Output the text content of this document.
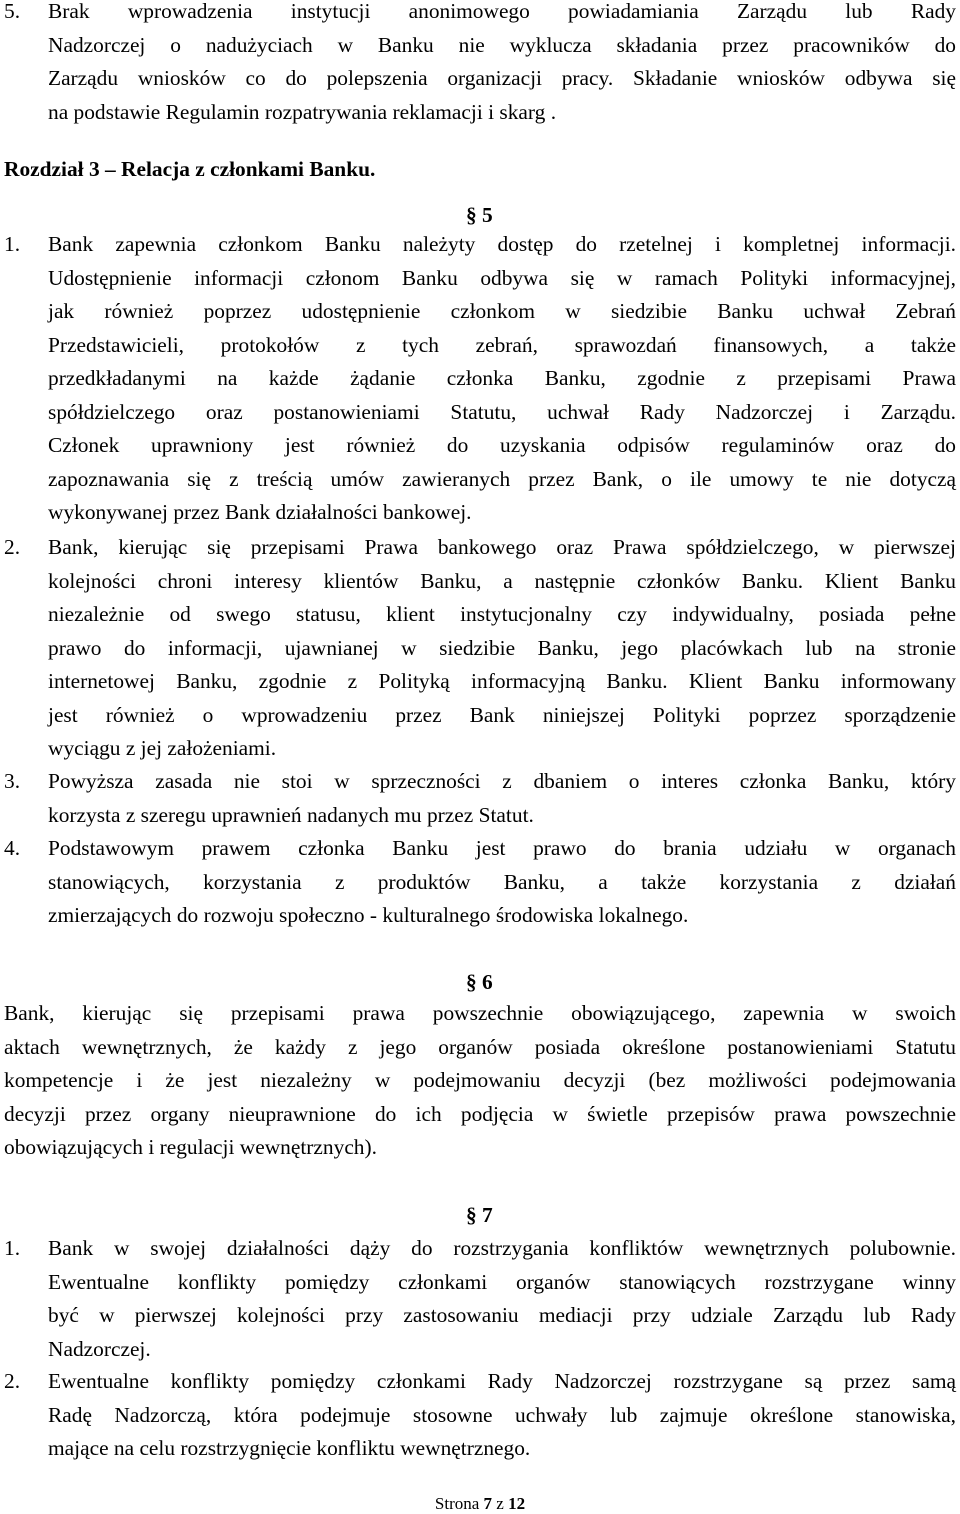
5.	Brak wprowadzenia instytucji anonimowego powiadamiania Zarządu lub Rady
Nadzorczej o nadużyciach w Banku nie wyklucza składania przez pracowników do
Zarządu wniosków co do polepszenia organizacji pracy. Składanie wniosków odbywa się
na podstawie Regulamin rozpatrywania reklamacji i skarg .
Rozdział 3 – Relacja z członkami Banku.
§ 5
1.	Bank zapewnia członkom Banku należyty dostęp do rzetelnej i kompletnej informacji.
Udostępnienie informacji członom Banku odbywa się w ramach Polityki informacyjnej,
jak również poprzez udostępnienie członkom w siedzibie Banku uchwał Zebrań
Przedstawicieli, protokołów z tych zebrań, sprawozdań finansowych, a także
przedkładanymi na każde żądanie członka Banku, zgodnie z przepisami Prawa
spółdzielczego oraz postanowieniami Statutu, uchwał Rady Nadzorczej i Zarządu.
Członek uprawniony jest również do uzyskania odpisów regulaminów oraz do
zapoznawania się z treścią umów zawieranych przez Bank, o ile umowy te nie dotyczą
wykonywanej przez Bank działalności bankowej.
2.	Bank, kierując się przepisami Prawa bankowego oraz Prawa spółdzielczego, w pierwszej
kolejności chroni interesy klientów Banku, a następnie członków Banku. Klient Banku
niezależnie od swego statusu, klient instytucjonalny czy indywidualny, posiada pełne
prawo do informacji, ujawnianej w siedzibie Banku, jego placówkach lub na stronie
internetowej Banku, zgodnie z Polityką informacyjną Banku. Klient Banku informowany
jest również o wprowadzeniu przez Bank niniejszej Polityki poprzez sporządzenie
wyciągu z jej założeniami.
3.	Powyższa zasada nie stoi w sprzeczności z dbaniem o interes członka Banku, który
korzysta z szeregu uprawnień nadanych mu przez Statut.
4.	Podstawowym prawem członka Banku jest prawo do brania udziału w organach
stanowiących, korzystania z produktów Banku, a także korzystania z działań
zmierzających do rozwoju społeczno - kulturalnego środowiska lokalnego.
§ 6
Bank, kierując się przepisami prawa powszechnie obowiązującego, zapewnia w swoich
aktach wewnętrznych, że każdy z jego organów posiada określone postanowieniami Statutu
kompetencje i że jest niezależny w podejmowaniu decyzji (bez możliwości podejmowania
decyzji przez organy nieuprawnione do ich podjęcia w świetle przepisów prawa powszechnie
obowiązujących i regulacji wewnętrznych).
§ 7
1.	Bank w swojej działalności dąży do rozstrzygania konfliktów wewnętrznych polubownie.
Ewentualne konflikty pomiędzy członkami organów stanowiących rozstrzygane winny
być w pierwszej kolejności przy zastosowaniu mediacji przy udziale Zarządu lub Rady
Nadzorczej.
2.	Ewentualne konflikty pomiędzy członkami Rady Nadzorczej rozstrzygane są przez samą
Radę Nadzorczą, która podejmuje stosowne uchwały lub zajmuje określone stanowiska,
mające na celu rozstrzygnięcie konfliktu wewnętrznego.
Strona 7 z 12
